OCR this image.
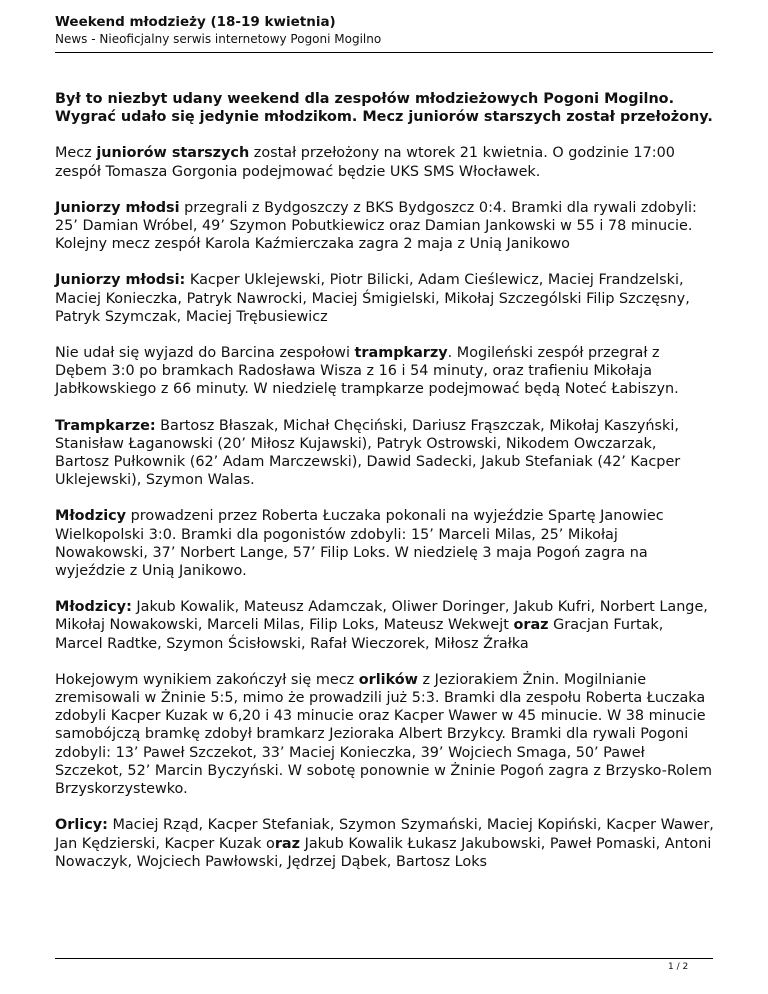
Weekend młodzieży (18-19 kwietnia)

News - Nieoficjalny serwis internetowy Pogoni Mogilno

Był to niezbyt udany weekend dla zespołów młodzieżowych Pogoni Mogilno. Wygrać udało się jedynie młodzikom. Mecz juniorów starszych został przełożony.

Mecz juniorów starszych został przełożony na wtorek 21 kwietnia. O godzinie 17:00 zespół Tomasza Gorgonia podejmować będzie UKS SMS Włocławek.

Juniorzy młodsi przegrali z Bydgoszczy z BKS Bydgoszcz 0:4. Bramki dla rywali zdobyli: 25’ Damian Wróbel, 49’ Szymon Pobutkiewicz oraz Damian Jankowski w 55 i 78 minucie. Kolejny mecz zespół Karola Kaźmierczaka zagra 2 maja z Unią Janikowo

Juniorzy młodsi: Kacper Uklejewski, Piotr Bilicki, Adam Cieślewicz, Maciej Frandzelski, Maciej Konieczka, Patryk Nawrocki, Maciej Śmigielski, Mikołaj Szczególski Filip Szczęsny, Patryk Szymczak, Maciej Trębusiewicz

Nie udał się wyjazd do Barcina zespołowi trampkarzy. Mogileński zespół przegrał z Dębem 3:0 po bramkach Radosława Wisza z 16 i 54 minuty, oraz trafieniu Mikołaja Jabłkowskiego z 66 minuty. W niedzielę trampkarze podejmować będą Noteć Łabiszyn.

Trampkarze: Bartosz Błaszak, Michał Chęciński, Dariusz Frąszczak, Mikołaj Kaszyński, Stanisław Łaganowski (20’ Miłosz Kujawski), Patryk Ostrowski, Nikodem Owczarzak, Bartosz Pułkownik (62’ Adam Marczewski), Dawid Sadecki, Jakub Stefaniak (42’ Kacper Uklejewski), Szymon Walas.

Młodzicy prowadzeni przez Roberta Łuczaka pokonali na wyjeździe Spartę Janowiec Wielkopolski 3:0. Bramki dla pogonistów zdobyli: 15’ Marceli Milas, 25’ Mikołaj Nowakowski, 37’ Norbert Lange, 57’ Filip Loks. W niedzielę 3 maja Pogoń zagra na wyjeździe z Unią Janikowo.

Młodzicy: Jakub Kowalik, Mateusz Adamczak, Oliwer Doringer, Jakub Kufri, Norbert Lange, Mikołaj Nowakowski, Marceli Milas, Filip Loks, Mateusz Wekwejt oraz Gracjan Furtak, Marcel Radtke, Szymon Ścisłowski, Rafał Wieczorek, Miłosz Źrałka

Hokejowym wynikiem zakończył się mecz orlików z Jeziorakiem Żnin. Mogilnianie zremisowali w Żninie 5:5, mimo że prowadzili już 5:3. Bramki dla zespołu Roberta Łuczaka zdobyli Kacper Kuzak w 6,20 i 43 minucie oraz Kacper Wawer w 45 minucie. W 38 minucie samobójczą bramkę zdobył bramkarz Jezioraka Albert Brzykcy. Bramki dla rywali Pogoni zdobyli: 13’ Paweł Szczekot, 33’ Maciej Konieczka, 39’ Wojciech Smaga, 50’ Paweł Szczekot, 52’ Marcin Byczyński. W sobotę ponownie w Żninie Pogoń zagra z Brzysko-Rolem Brzyskorzystewko.

Orlicy: Maciej Rząd, Kacper Stefaniak, Szymon Szymański, Maciej Kopiński, Kacper Wawer, Jan Kędzierski, Kacper Kuzak oraz Jakub Kowalik Łukasz Jakubowski, Paweł Pomaski, Antoni Nowaczyk, Wojciech Pawłowski, Jędrzej Dąbek, Bartosz Loks

1 / 2
